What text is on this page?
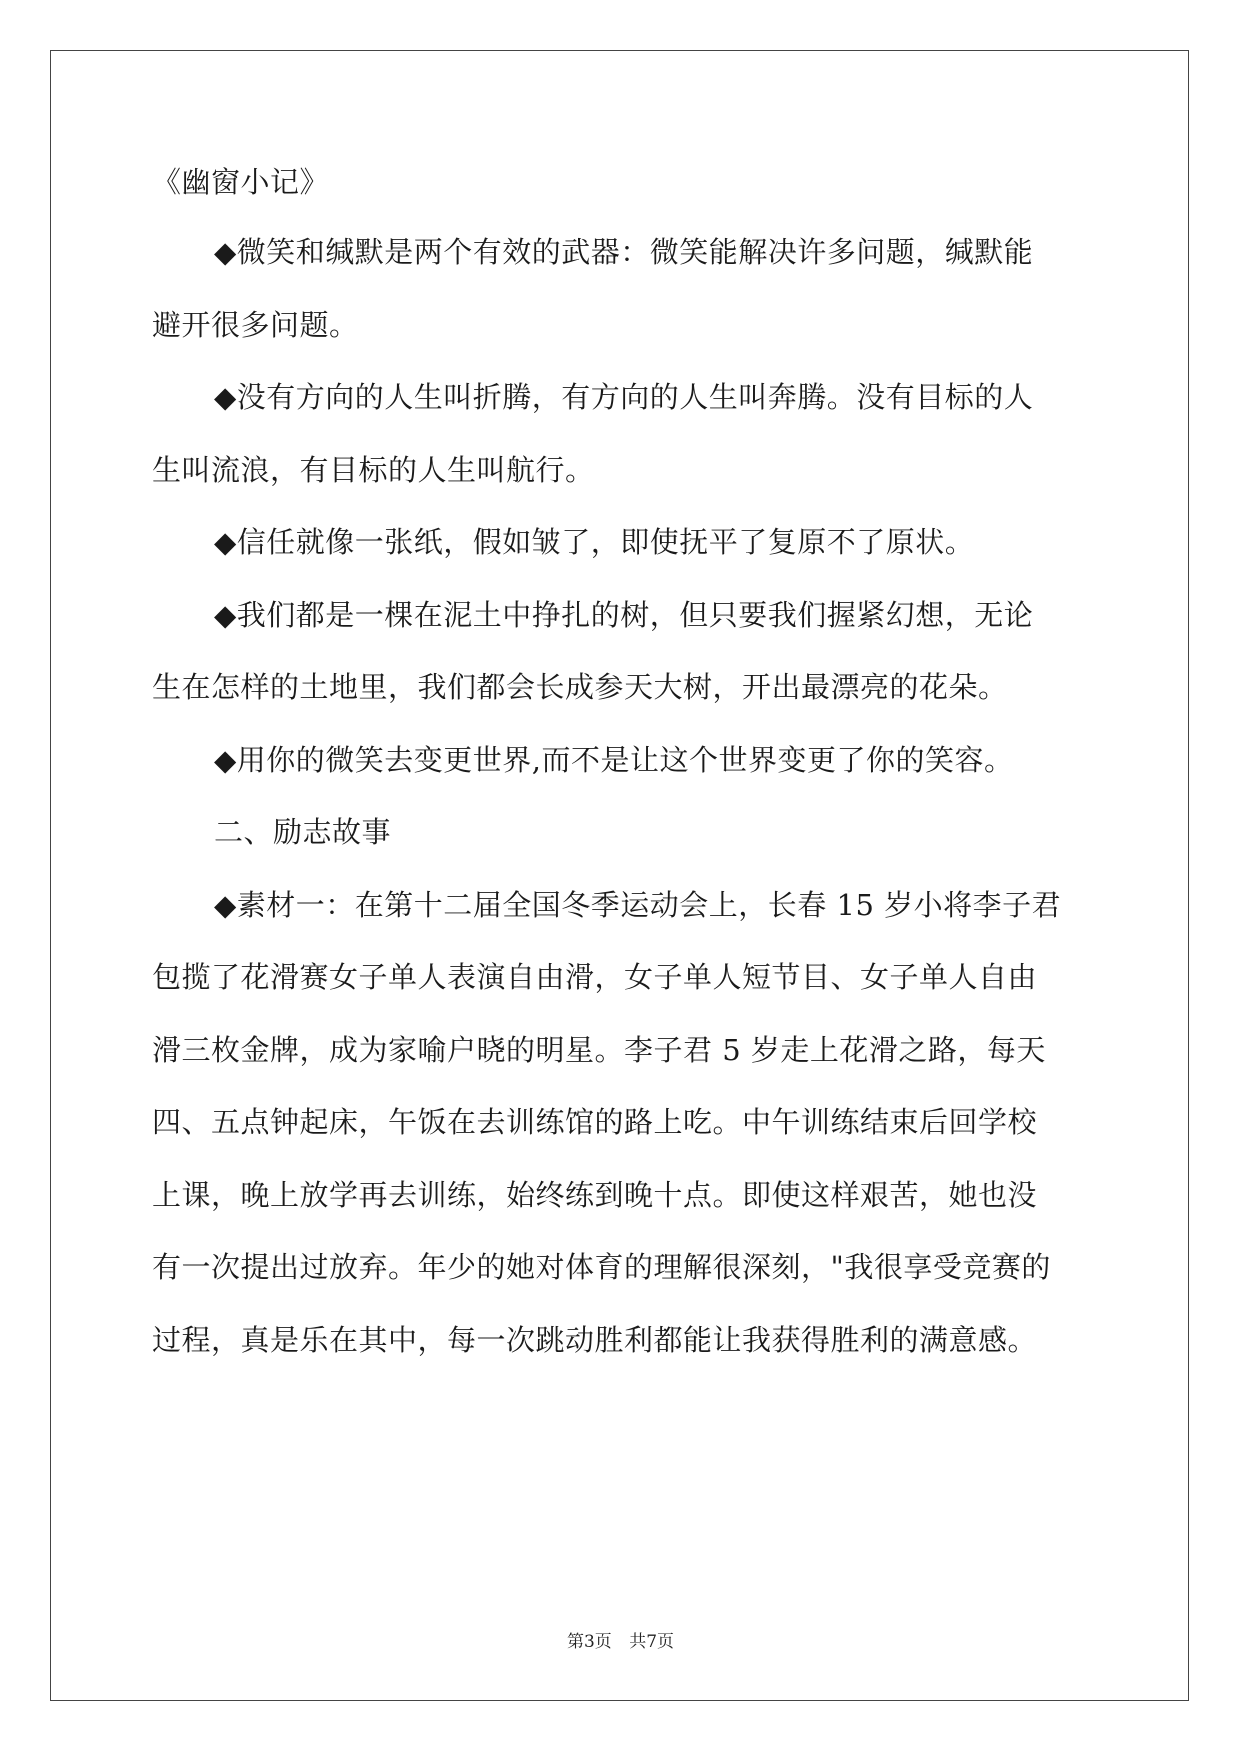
《幽窗小记》
◆微笑和缄默是两个有效的武器：微笑能解决许多问题，缄默能
避开很多问题。
◆没有方向的人生叫折腾，有方向的人生叫奔腾。没有目标的人
生叫流浪，有目标的人生叫航行。
◆信任就像一张纸，假如皱了，即使抚平了复原不了原状。
◆我们都是一棵在泥土中挣扎的树，但只要我们握紧幻想，无论
生在怎样的土地里，我们都会长成参天大树，开出最漂亮的花朵。
◆用你的微笑去变更世界,而不是让这个世界变更了你的笑容。
二、励志故事
◆素材一：在第十二届全国冬季运动会上，长春 15 岁小将李子君
包揽了花滑赛女子单人表演自由滑，女子单人短节目、女子单人自由
滑三枚金牌，成为家喻户晓的明星。李子君 5 岁走上花滑之路，每天
四、五点钟起床，午饭在去训练馆的路上吃。中午训练结束后回学校
上课，晚上放学再去训练，始终练到晚十点。即使这样艰苦，她也没
有一次提出过放弃。年少的她对体育的理解很深刻，"我很享受竞赛的
过程，真是乐在其中，每一次跳动胜利都能让我获得胜利的满意感。
第3页 共7页
